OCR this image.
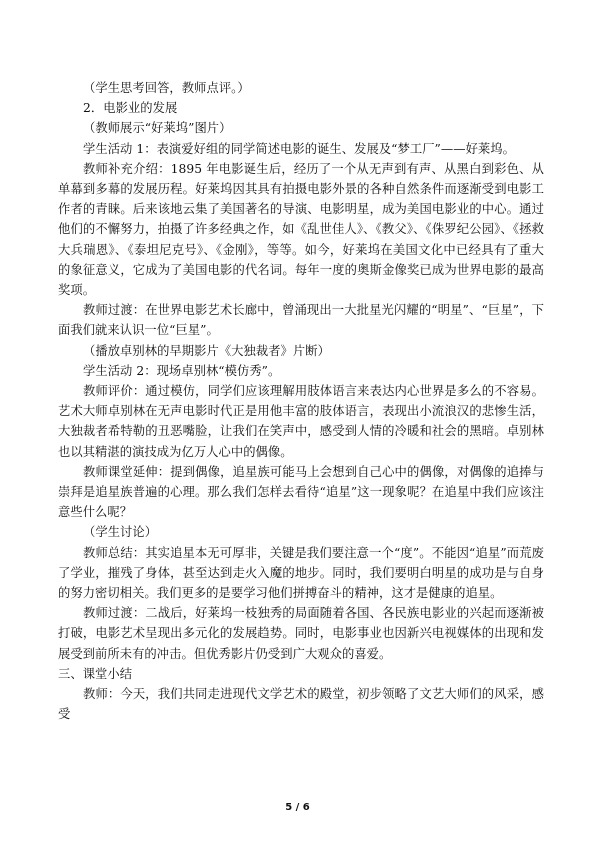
（学生思考回答，教师点评。）

2．电影业的发展

（教师展示“好莱坞”图片）

学生活动 1：表演爱好组的同学简述电影的诞生、发展及“梦工厂”——好莱坞。

教师补充介绍：1895 年电影诞生后，经历了一个从无声到有声、从黑白到彩色、从单幕到多幕的发展历程。好莱坞因其具有拍摄电影外景的各种自然条件而逐渐受到电影工作者的青睐。后来该地云集了美国著名的导演、电影明星，成为美国电影业的中心。通过他们的不懈努力，拍摄了许多经典之作，如《乱世佳人》、《教父》、《侏罗纪公园》、《拯救大兵瑞恩》、《泰坦尼克号》、《金刚》，等等。如今，好莱坞在美国文化中已经具有了重大的象征意义，它成为了美国电影的代名词。每年一度的奥斯金像奖已成为世界电影的最高奖项。

教师过渡：在世界电影艺术长廊中，曾涌现出一大批星光闪耀的“明星”、“巨星”，下面我们就来认识一位“巨星”。

（播放卓别林的早期影片《大独裁者》片断）

学生活动 2：现场卓别林“模仿秀”。

教师评价：通过模仿，同学们应该理解用肢体语言来表达内心世界是多么的不容易。艺术大师卓别林在无声电影时代正是用他丰富的肢体语言，表现出小流浪汉的悲惨生活，大独裁者希特勒的丑恶嘴脸，让我们在笑声中，感受到人情的冷暖和社会的黑暗。卓别林也以其精湛的演技成为亿万人心中的偶像。

教师课堂延伸：提到偶像，追星族可能马上会想到自己心中的偶像，对偶像的追捧与崇拜是追星族普遍的心理。那么我们怎样去看待“追星”这一现象呢？在追星中我们应该注意些什么呢？

（学生讨论）

教师总结：其实追星本无可厚非，关键是我们要注意一个“度”。不能因“追星”而荒废了学业，摧残了身体，甚至达到走火入魔的地步。同时，我们要明白明星的成功是与自身的努力密切相关。我们更多的是要学习他们拼搏奋斗的精神，这才是健康的追星。

教师过渡：二战后，好莱坞一枝独秀的局面随着各国、各民族电影业的兴起而逐渐被打破，电影艺术呈现出多元化的发展趋势。同时，电影事业也因新兴电视媒体的出现和发展受到前所未有的冲击。但优秀影片仍受到广大观众的喜爱。

三、课堂小结

教师：今天，我们共同走进现代文学艺术的殿堂，初步领略了文艺大师们的风采，感受

5 / 6
